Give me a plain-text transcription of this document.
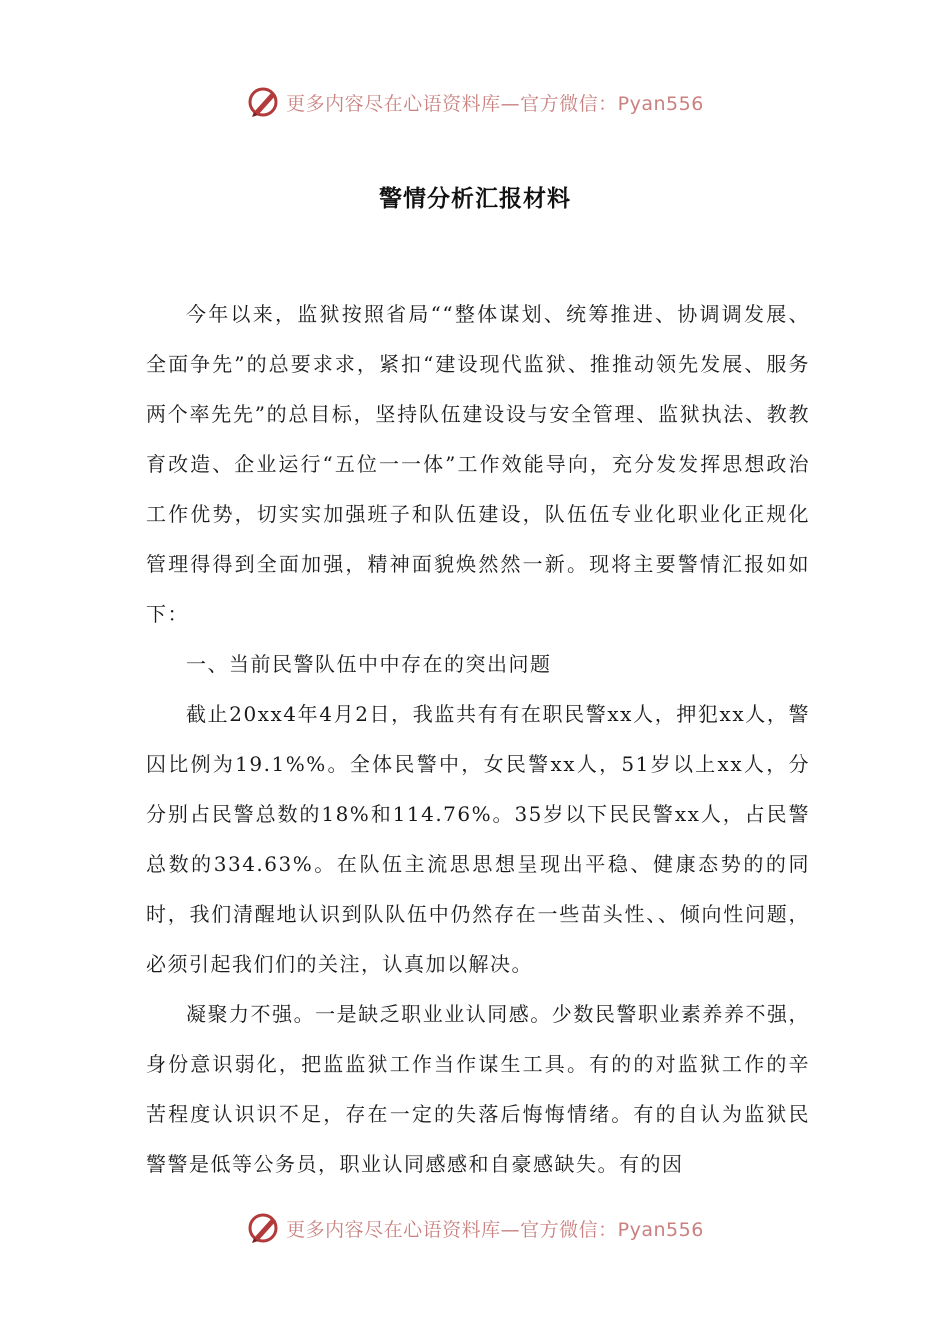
更多内容尽在心语资料库—官方微信：Pyan556
警情分析汇报材料

今年以来，监狱按照省局““整体谋划、统筹推进、协调调发展、全面争先”的总要求求，紧扣“建设现代监狱、推推动领先发展、服务两个率先先”的总目标，坚持队伍建设设与安全管理、监狱执法、教教育改造、企业运行“五位一一体”工作效能导向，充分发发挥思想政治工作优势，切实实加强班子和队伍建设，队伍伍专业化职业化正规化管理得得到全面加强，精神面貌焕然然一新。现将主要警情汇报如如下：

一、当前民警队伍中中存在的突出问题

截止20xx4年4月2日，我监共有有在职民警xx人，押犯xx人，警囚比例为19.1%%。全体民警中，女民警xx人，51岁以上xx人，分分别占民警总数的18%和114.76%。35岁以下民民警xx人，占民警总数的334.63%。在队伍主流思思想呈现出平稳、健康态势的的同时，我们清醒地认识到队队伍中仍然存在一些苗头性、、倾向性问题，必须引起我们们的关注，认真加以解决。

凝聚力不强。一是缺乏职业业认同感。少数民警职业素养养不强，身份意识弱化，把监监狱工作当作谋生工具。有的的对监狱工作的辛苦程度认识识不足，存在一定的失落后悔悔情绪。有的自认为监狱民警警是低等公务员，职业认同感感和自豪感缺失。有的因

更多内容尽在心语资料库—官方微信：Pyan556
